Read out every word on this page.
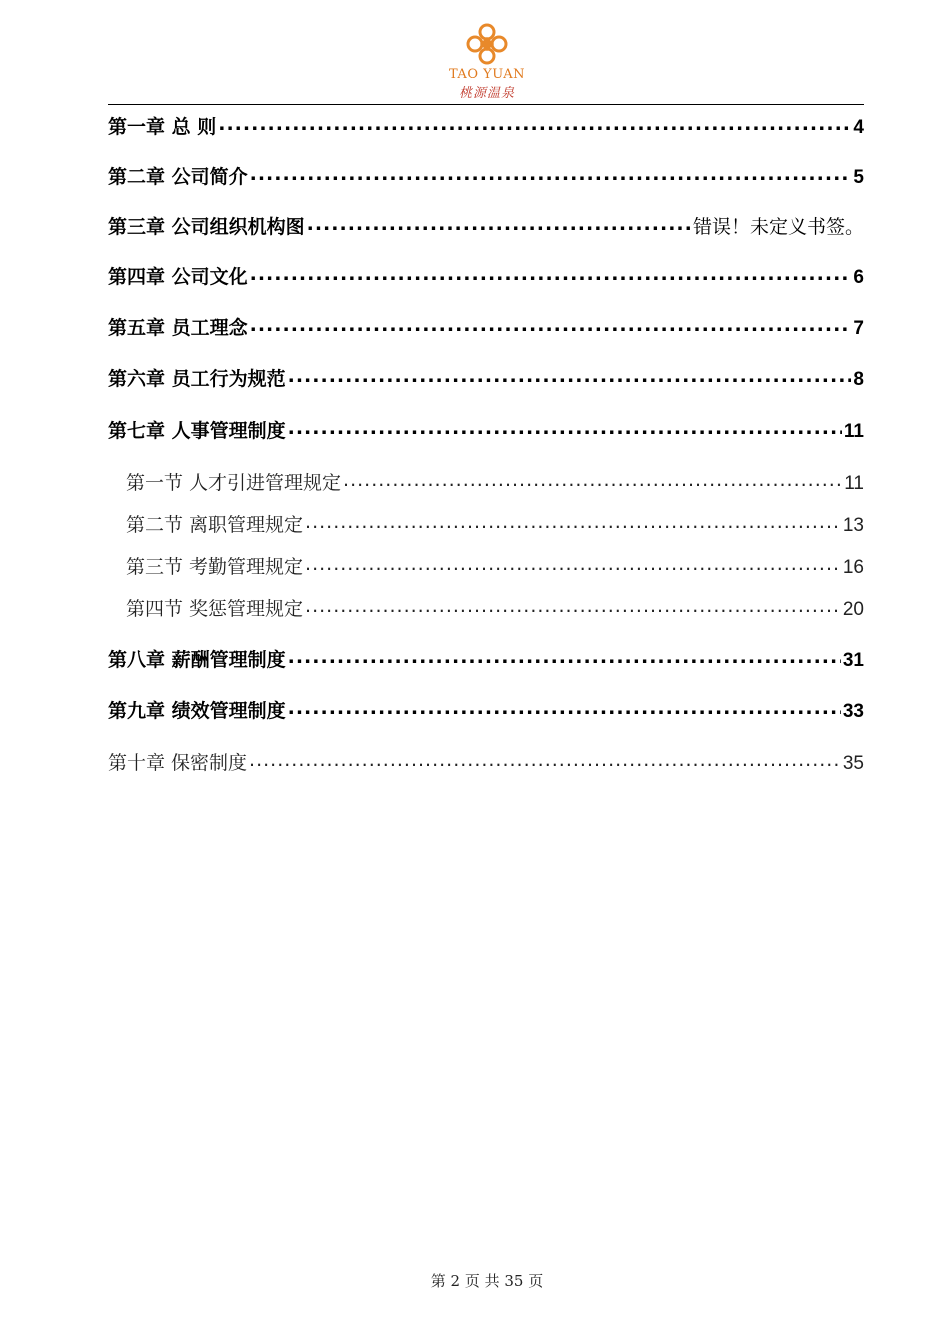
TAO YUAN
桃源温泉
第一章 总 则 .....	4
第二章 公司简介 .....	5
第三章 公司组织机构图 .....	错误！未定义书签。
第四章 公司文化 .....	6
第五章 员工理念 .....	7
第六章 员工行为规范 .....	8
第七章 人事管理制度 .....	11
第一节 人才引进管理规定 .....	11
第二节 离职管理规定 .....	13
第三节 考勤管理规定 .....	16
第四节 奖惩管理规定 .....	20
第八章 薪酬管理制度 .....	31
第九章 绩效管理制度 .....	33
第十章 保密制度 .....	35
第 2 页 共 35 页
